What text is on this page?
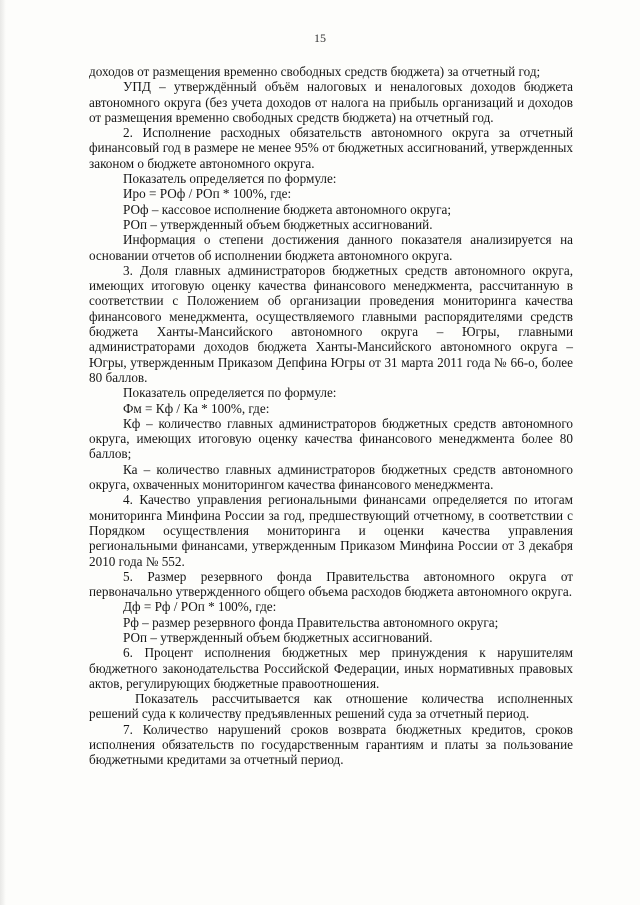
15

доходов от размещения временно свободных средств бюджета) за отчетный год;

УПД – утверждённый объём налоговых и неналоговых доходов бюджета автономного округа (без учета доходов от налога на прибыль организаций и доходов от размещения временно свободных средств бюджета) на отчетный год.

2. Исполнение расходных обязательств автономного округа за отчетный финансовый год в размере не менее 95% от бюджетных ассигнований, утвержденных законом о бюджете автономного округа.

Показатель определяется по формуле:

Иро = РОф / РОп * 100%, где:

РОф – кассовое исполнение бюджета автономного округа;

РОп – утвержденный объем бюджетных ассигнований.

Информация о степени достижения данного показателя анализируется на основании отчетов об исполнении бюджета автономного округа.

3. Доля главных администраторов бюджетных средств автономного округа, имеющих итоговую оценку качества финансового менеджмента, рассчитанную в соответствии с Положением об организации проведения мониторинга качества финансового менеджмента, осуществляемого главными распорядителями средств бюджета Ханты-Мансийского автономного округа – Югры, главными администраторами доходов бюджета Ханты-Мансийского автономного округа – Югры, утвержденным Приказом Депфина Югры от 31 марта 2011 года № 66-о, более 80 баллов.

Показатель определяется по формуле:

Фм = Кф / Ка * 100%, где:

Кф – количество главных администраторов бюджетных средств автономного округа, имеющих итоговую оценку качества финансового менеджмента более 80 баллов;

Ка – количество главных администраторов бюджетных средств автономного округа, охваченных мониторингом качества финансового менеджмента.

4. Качество управления региональными финансами определяется по итогам мониторинга Минфина России за год, предшествующий отчетному, в соответствии с Порядком осуществления мониторинга и оценки качества управления региональными финансами, утвержденным Приказом Минфина России от 3 декабря 2010 года № 552.

5. Размер резервного фонда Правительства автономного округа от первоначально утвержденного общего объема расходов бюджета автономного округа.

Дф = Рф / РОп * 100%, где:

Рф – размер резервного фонда Правительства автономного округа;

РОп – утвержденный объем бюджетных ассигнований.

6. Процент исполнения бюджетных мер принуждения к нарушителям бюджетного законодательства Российской Федерации, иных нормативных правовых актов, регулирующих бюджетные правоотношения.

Показатель рассчитывается как отношение количества исполненных решений суда к количеству предъявленных решений суда за отчетный период.

7. Количество нарушений сроков возврата бюджетных кредитов, сроков исполнения обязательств по государственным гарантиям и платы за пользование бюджетными кредитами за отчетный период.
